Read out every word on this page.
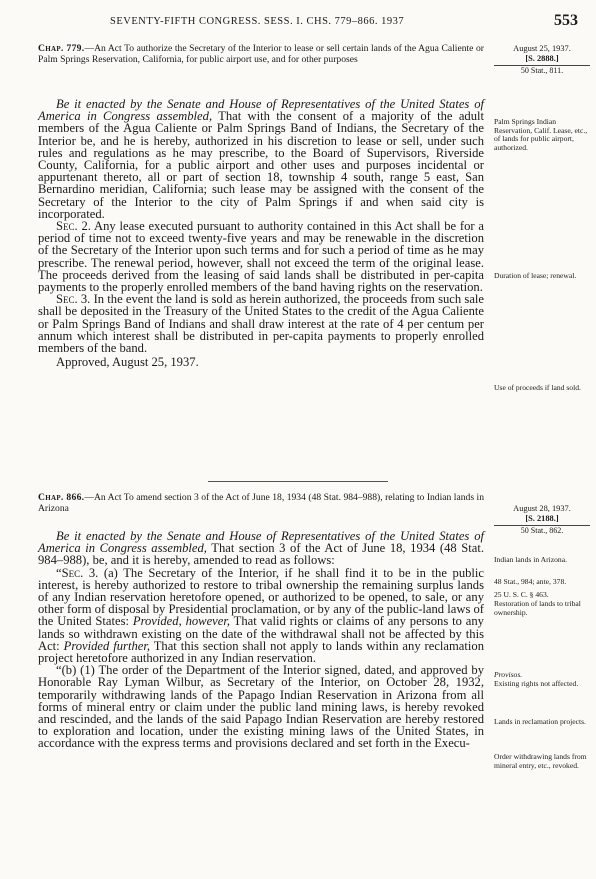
SEVENTY-FIFTH CONGRESS. SESS. I. CHS. 779–866. 1937	553
Chap. 779.—An Act To authorize the Secretary of the Interior to lease or sell certain lands of the Agua Caliente or Palm Springs Reservation, California, for public airport use, and for other purposes
August 25, 1937.
[S. 2888.]
50 Stat., 811.

Be it enacted by the Senate and House of Representatives of the United States of America in Congress assembled, That with the consent of a majority of the adult members of the Agua Caliente or Palm Springs Band of Indians, the Secretary of the Interior be, and he is hereby, authorized in his discretion to lease or sell, under such rules and regulations as he may prescribe, to the Board of Supervisors, Riverside County, California, for a public airport and other uses and purposes incidental or appurtenant thereto, all or part of section 18, township 4 south, range 5 east, San Bernardino meridian, California; such lease may be assigned with the consent of the Secretary of the Interior to the city of Palm Springs if and when said city is incorporated.

Sec. 2. Any lease executed pursuant to authority contained in this Act shall be for a period of time not to exceed twenty-five years and may be renewable in the discretion of the Secretary of the Interior upon such terms and for such a period of time as he may prescribe. The renewal period, however, shall not exceed the term of the original lease. The proceeds derived from the leasing of said lands shall be distributed in per-capita payments to the properly enrolled members of the band having rights on the reservation.

Sec. 3. In the event the land is sold as herein authorized, the proceeds from such sale shall be deposited in the Treasury of the United States to the credit of the Agua Caliente or Palm Springs Band of Indians and shall draw interest at the rate of 4 per centum per annum which interest shall be distributed in per-capita payments to properly enrolled members of the band.

Approved, August 25, 1937.

Palm Springs Indian Reservation, Calif. Lease, etc., of lands for public airport, authorized.
Duration of lease; renewal.
Use of proceeds if land sold.
Chap. 866.—An Act To amend section 3 of the Act of June 18, 1934 (48 Stat. 984–988), relating to Indian lands in Arizona	August 28, 1937.
[S. 2188.]
50 Stat., 862.

Be it enacted by the Senate and House of Representatives of the United States of America in Congress assembled, That section 3 of the Act of June 18, 1934 (48 Stat. 984–988), be, and it is hereby, amended to read as follows:

“Sec. 3. (a) The Secretary of the Interior, if he shall find it to be in the public interest, is hereby authorized to restore to tribal ownership the remaining surplus lands of any Indian reservation heretofore opened, or authorized to be opened, to sale, or any other form of disposal by Presidential proclamation, or by any of the public-land laws of the United States: Provided, however, That valid rights or claims of any persons to any lands so withdrawn existing on the date of the withdrawal shall not be affected by this Act: Provided further, That this section shall not apply to lands within any reclamation project heretofore authorized in any Indian reservation.

“(b) (1) The order of the Department of the Interior signed, dated, and approved by Honorable Ray Lyman Wilbur, as Secretary of the Interior, on October 28, 1932, temporarily withdrawing lands of the Papago Indian Reservation in Arizona from all forms of mineral entry or claim under the public land mining laws, is hereby revoked and rescinded, and the lands of the said Papago Indian Reservation are hereby restored to exploration and location, under the existing mining laws of the United States, in accordance with the express terms and provisions declared and set forth in the Execu-

Indian lands in Arizona.
48 Stat., 984; ante, 378.
25 U. S. C. § 463.
Restoration of lands to tribal ownership.
Provisos.
Existing rights not affected.
Lands in reclamation projects.
Order withdrawing lands from mineral entry, etc., revoked.
